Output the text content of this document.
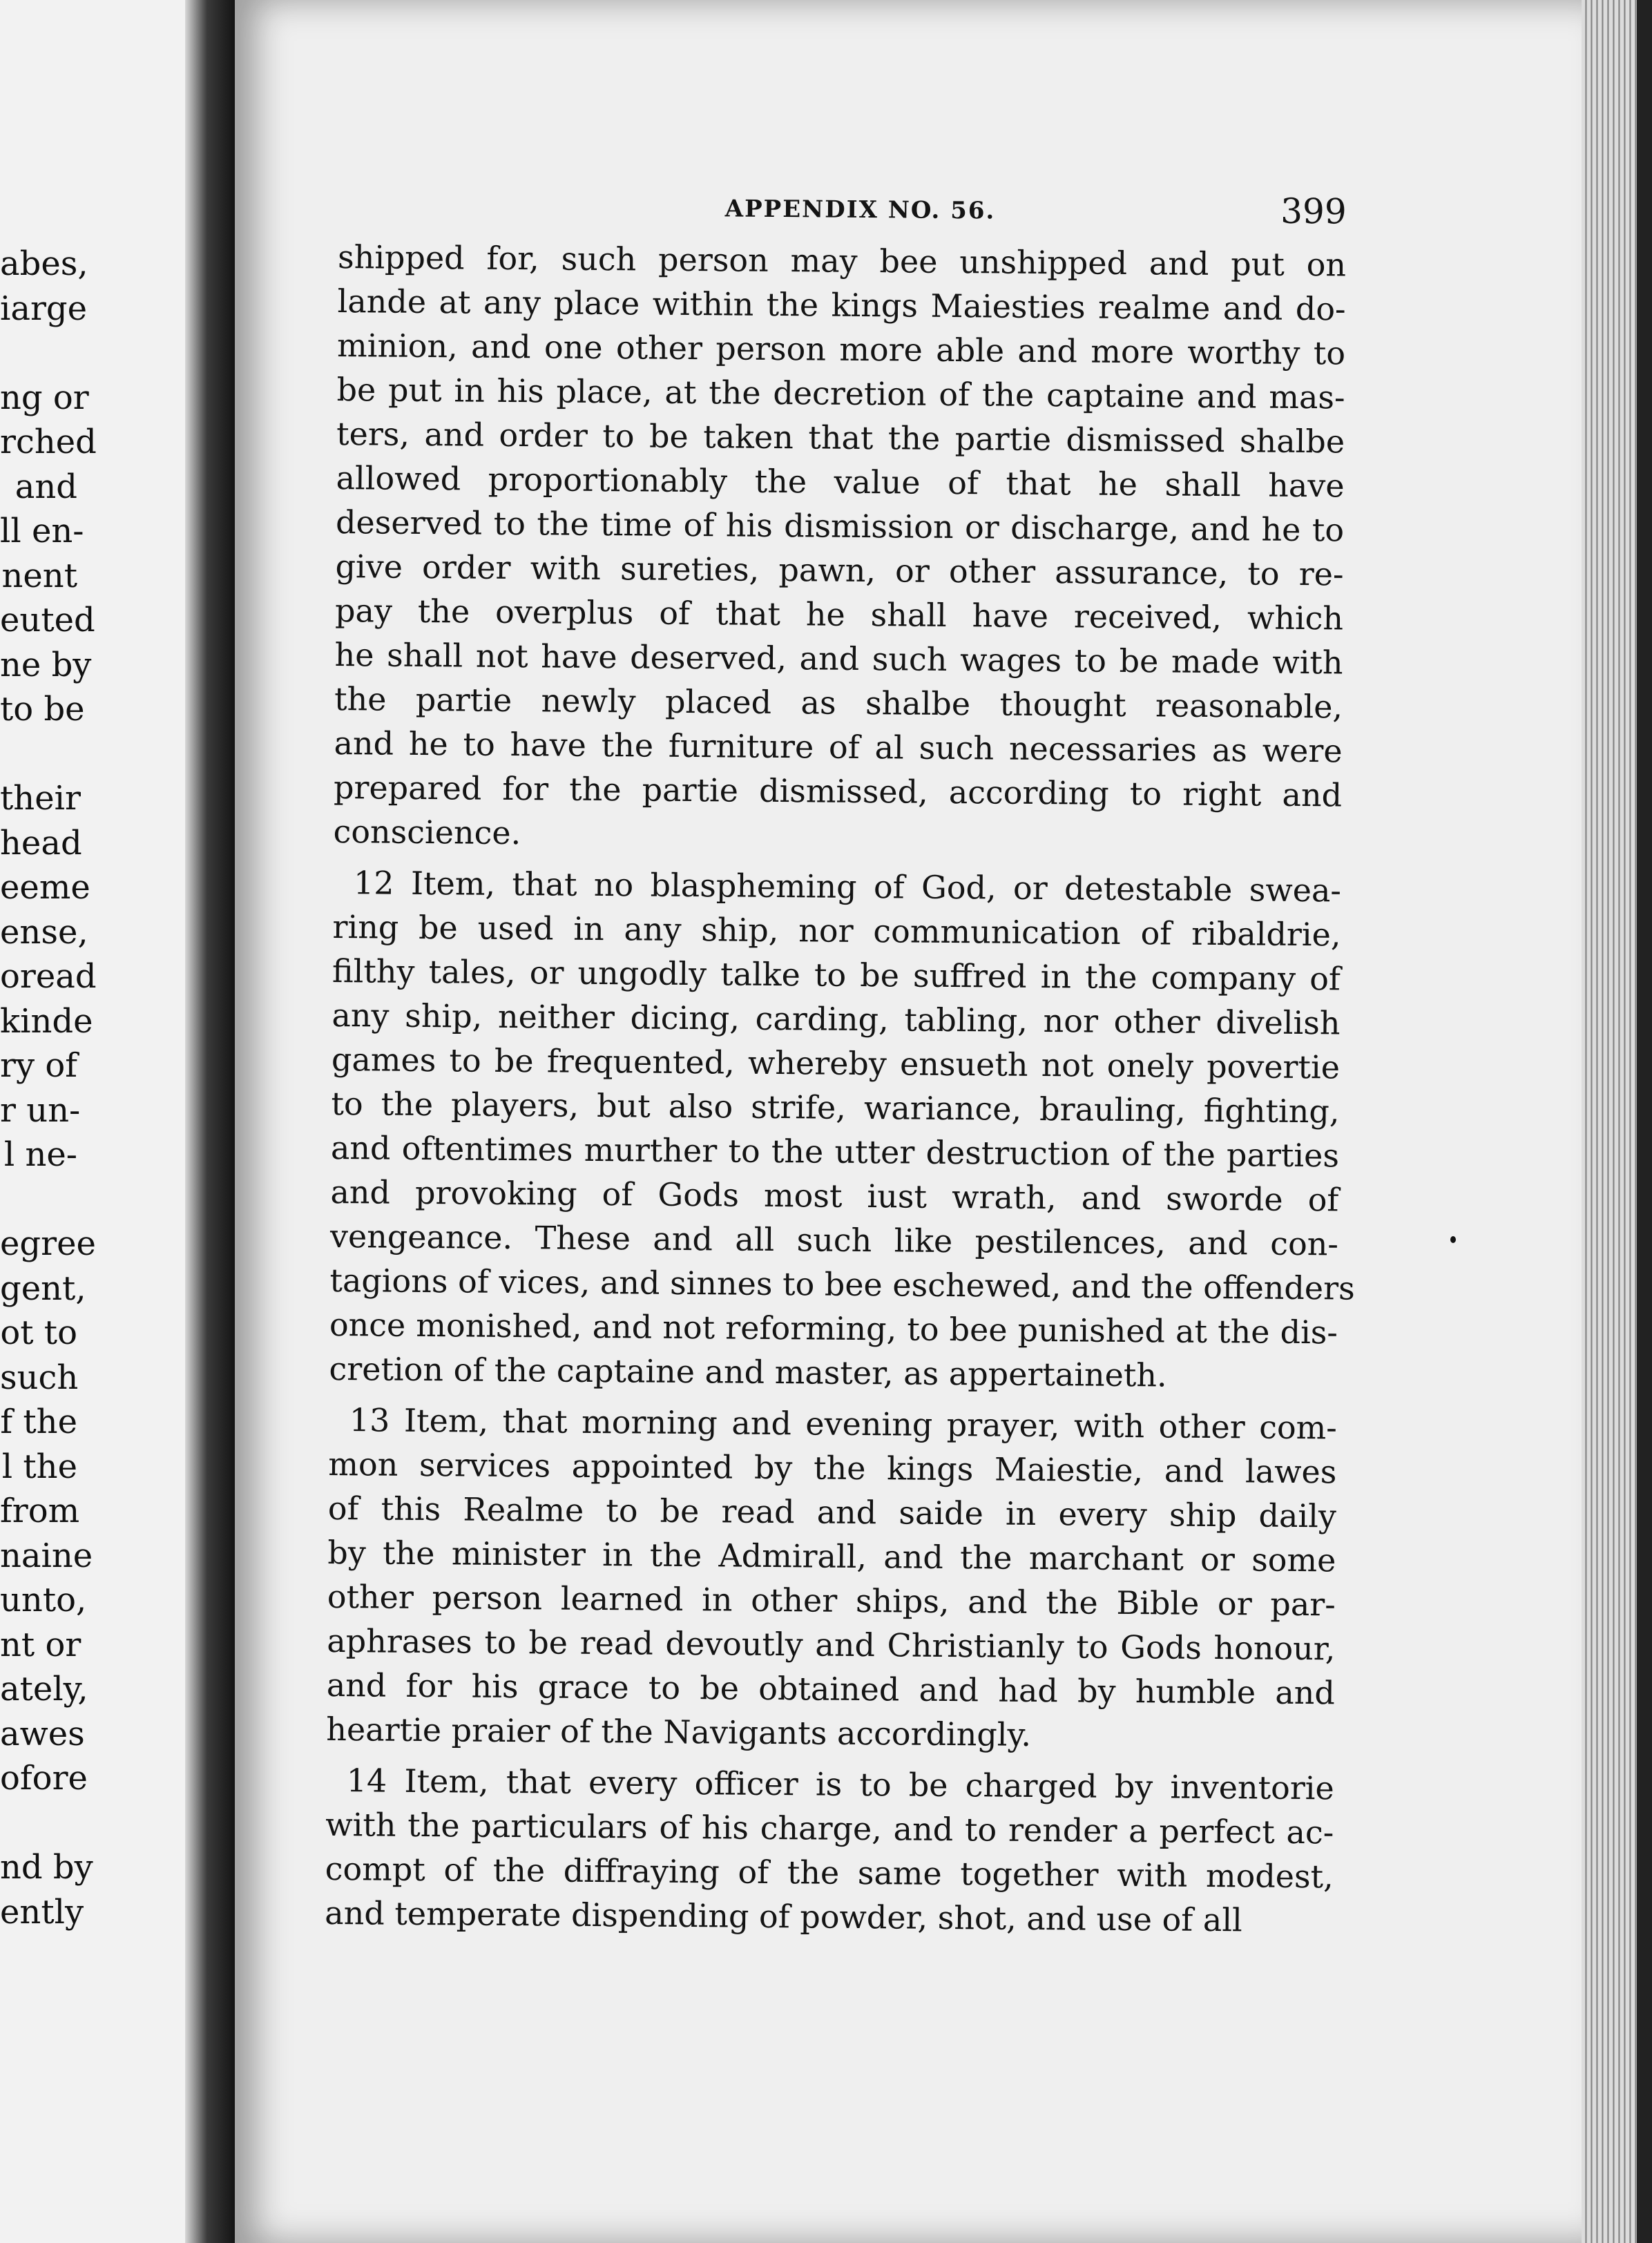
abes,
iarge
ng or
rched
and
ll en-
nent
euted
ne by
to be
their
head
eeme
ense,
oread
kinde
ry of
r un-
l ne-
egree
gent,
ot to
such
f the
l the
from
naine
unto,
nt or
ately,
awes
ofore
nd by
ently
APPENDIX NO. 56.	399
shipped for, such person may bee unshipped and put on
lande at any place within the kings Maiesties realme and do-
minion, and one other person more able and more worthy to
be put in his place, at the decretion of the captaine and mas-
ters, and order to be taken that the partie dismissed shalbe
allowed proportionably the value of that he shall have
deserved to the time of his dismission or discharge, and he to
give order with sureties, pawn, or other assurance, to re-
pay the overplus of that he shall have received, which
he shall not have deserved, and such wages to be made with
the partie newly placed as shalbe thought reasonable,
and he to have the furniture of al such necessaries as were
prepared for the partie dismissed, according to right and
conscience.
12 Item, that no blaspheming of God, or detestable swea-
ring be used in any ship, nor communication of ribaldrie,
filthy tales, or ungodly talke to be suffred in the company of
any ship, neither dicing, carding, tabling, nor other divelish
games to be frequented, whereby ensueth not onely povertie
to the players, but also strife, wariance, brauling, fighting,
and oftentimes murther to the utter destruction of the parties
and provoking of Gods most iust wrath, and sworde of
vengeance. These and all such like pestilences, and con-
tagions of vices, and sinnes to bee eschewed, and the offenders
once monished, and not reforming, to bee punished at the dis-
cretion of the captaine and master, as appertaineth.
13 Item, that morning and evening prayer, with other com-
mon services appointed by the kings Maiestie, and lawes
of this Realme to be read and saide in every ship daily
by the minister in the Admirall, and the marchant or some
other person learned in other ships, and the Bible or par-
aphrases to be read devoutly and Christianly to Gods honour,
and for his grace to be obtained and had by humble and
heartie praier of the Navigants accordingly.
14 Item, that every officer is to be charged by inventorie
with the particulars of his charge, and to render a perfect ac-
compt of the diffraying of the same together with modest,
and temperate dispending of powder, shot, and use of all
